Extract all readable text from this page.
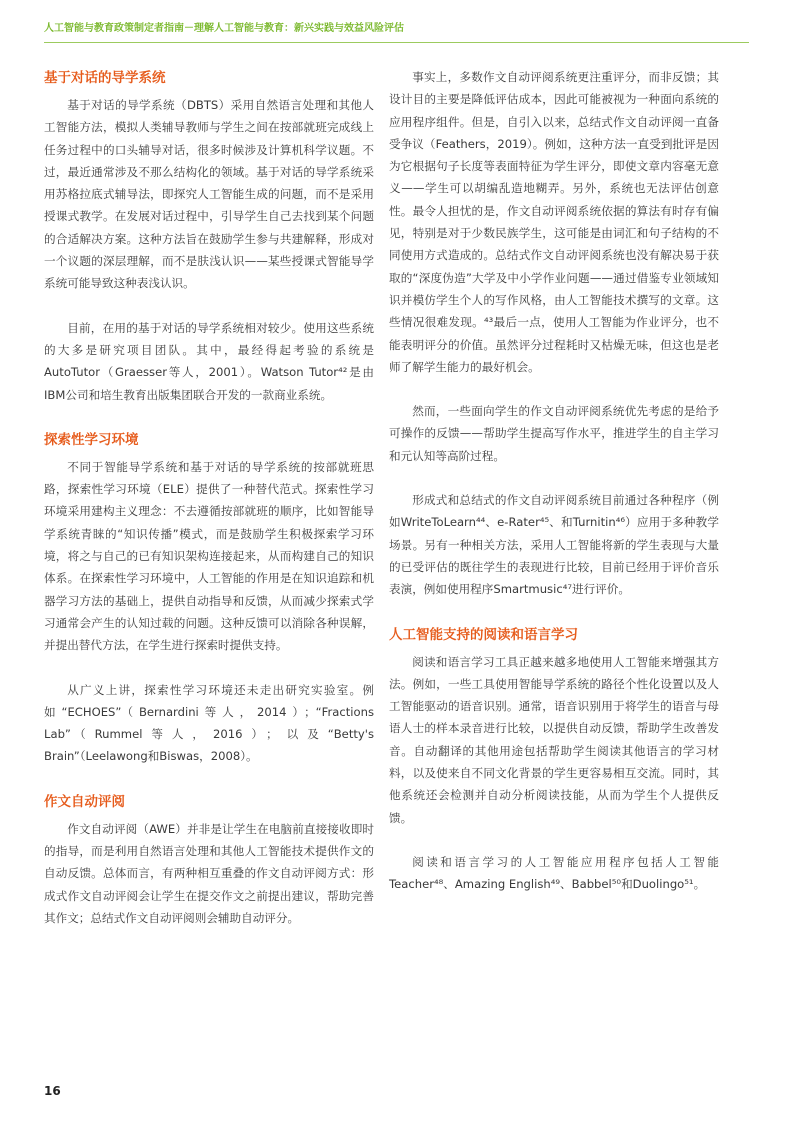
人工智能与教育政策制定者指南－理解人工智能与教育：新兴实践与效益风险评估
基于对话的导学系统

基于对话的导学系统（DBTS）采用自然语言处理和其他人工智能方法，模拟人类辅导教师与学生之间在按部就班完成线上任务过程中的口头辅导对话，很多时候涉及计算机科学议题。不过，最近通常涉及不那么结构化的领域。基于对话的导学系统采用苏格拉底式辅导法，即探究人工智能生成的问题，而不是采用授课式教学。在发展对话过程中，引导学生自己去找到某个问题的合适解决方案。这种方法旨在鼓励学生参与共建解释，形成对一个议题的深层理解，而不是肤浅认识——某些授课式智能导学系统可能导致这种表浅认识。

目前，在用的基于对话的导学系统相对较少。使用这些系统的大多是研究项目团队。其中，最经得起考验的系统是AutoTutor（Graesser等人，2001）。Watson Tutor⁴²是由IBM公司和培生教育出版集团联合开发的一款商业系统。

探索性学习环境

不同于智能导学系统和基于对话的导学系统的按部就班思路，探索性学习环境（ELE）提供了一种替代范式。探索性学习环境采用建构主义理念：不去遵循按部就班的顺序，比如智能导学系统青睐的“知识传播”模式，而是鼓励学生积极探索学习环境，将之与自己的已有知识架构连接起来，从而构建自己的知识体系。在探索性学习环境中，人工智能的作用是在知识追踪和机器学习方法的基础上，提供自动指导和反馈，从而减少探索式学习通常会产生的认知过载的问题。这种反馈可以消除各种误解，并提出替代方法，在学生进行探索时提供支持。

从广义上讲，探索性学习环境还未走出研究实验室。例如“ECHOES”（Bernardini等人，2014）；“Fractions Lab”（Rummel等人，2016）；以及“Betty's Brain”（Leelawong和Biswas，2008）。

作文自动评阅

作文自动评阅（AWE）并非是让学生在电脑前直接接收即时的指导，而是利用自然语言处理和其他人工智能技术提供作文的自动反馈。总体而言，有两种相互重叠的作文自动评阅方式：形成式作文自动评阅会让学生在提交作文之前提出建议，帮助完善其作文；总结式作文自动评阅则会辅助自动评分。

事实上，多数作文自动评阅系统更注重评分，而非反馈；其设计目的主要是降低评估成本，因此可能被视为一种面向系统的应用程序组件。但是，自引入以来，总结式作文自动评阅一直备受争议（Feathers，2019）。例如，这种方法一直受到批评是因为它根据句子长度等表面特征为学生评分，即使文章内容毫无意义——学生可以胡编乱造地糊弄。另外，系统也无法评估创意性。最令人担忧的是，作文自动评阅系统依据的算法有时存有偏见，特别是对于少数民族学生，这可能是由词汇和句子结构的不同使用方式造成的。总结式作文自动评阅系统也没有解决易于获取的“深度伪造”大学及中小学作业问题——通过借鉴专业领域知识并模仿学生个人的写作风格，由人工智能技术撰写的文章。这些情况很难发现。⁴³最后一点，使用人工智能为作业评分，也不能表明评分的价值。虽然评分过程耗时又枯燥无味，但这也是老师了解学生能力的最好机会。

然而，一些面向学生的作文自动评阅系统优先考虑的是给予可操作的反馈——帮助学生提高写作水平，推进学生的自主学习和元认知等高阶过程。

形成式和总结式的作文自动评阅系统目前通过各种程序（例如WriteToLearn⁴⁴、e-Rater⁴⁵、和Turnitin⁴⁶）应用于多种教学场景。另有一种相关方法，采用人工智能将新的学生表现与大量的已受评估的既往学生的表现进行比较，目前已经用于评价音乐表演，例如使用程序Smartmusic⁴⁷进行评价。

人工智能支持的阅读和语言学习

阅读和语言学习工具正越来越多地使用人工智能来增强其方法。例如，一些工具使用智能导学系统的路径个性化设置以及人工智能驱动的语音识别。通常，语音识别用于将学生的语音与母语人士的样本录音进行比较，以提供自动反馈，帮助学生改善发音。自动翻译的其他用途包括帮助学生阅读其他语言的学习材料，以及使来自不同文化背景的学生更容易相互交流。同时，其他系统还会检测并自动分析阅读技能，从而为学生个人提供反馈。

阅读和语言学习的人工智能应用程序包括人工智能Teacher⁴⁸、Amazing English⁴⁹、Babbel⁵⁰和Duolingo⁵¹。

16
